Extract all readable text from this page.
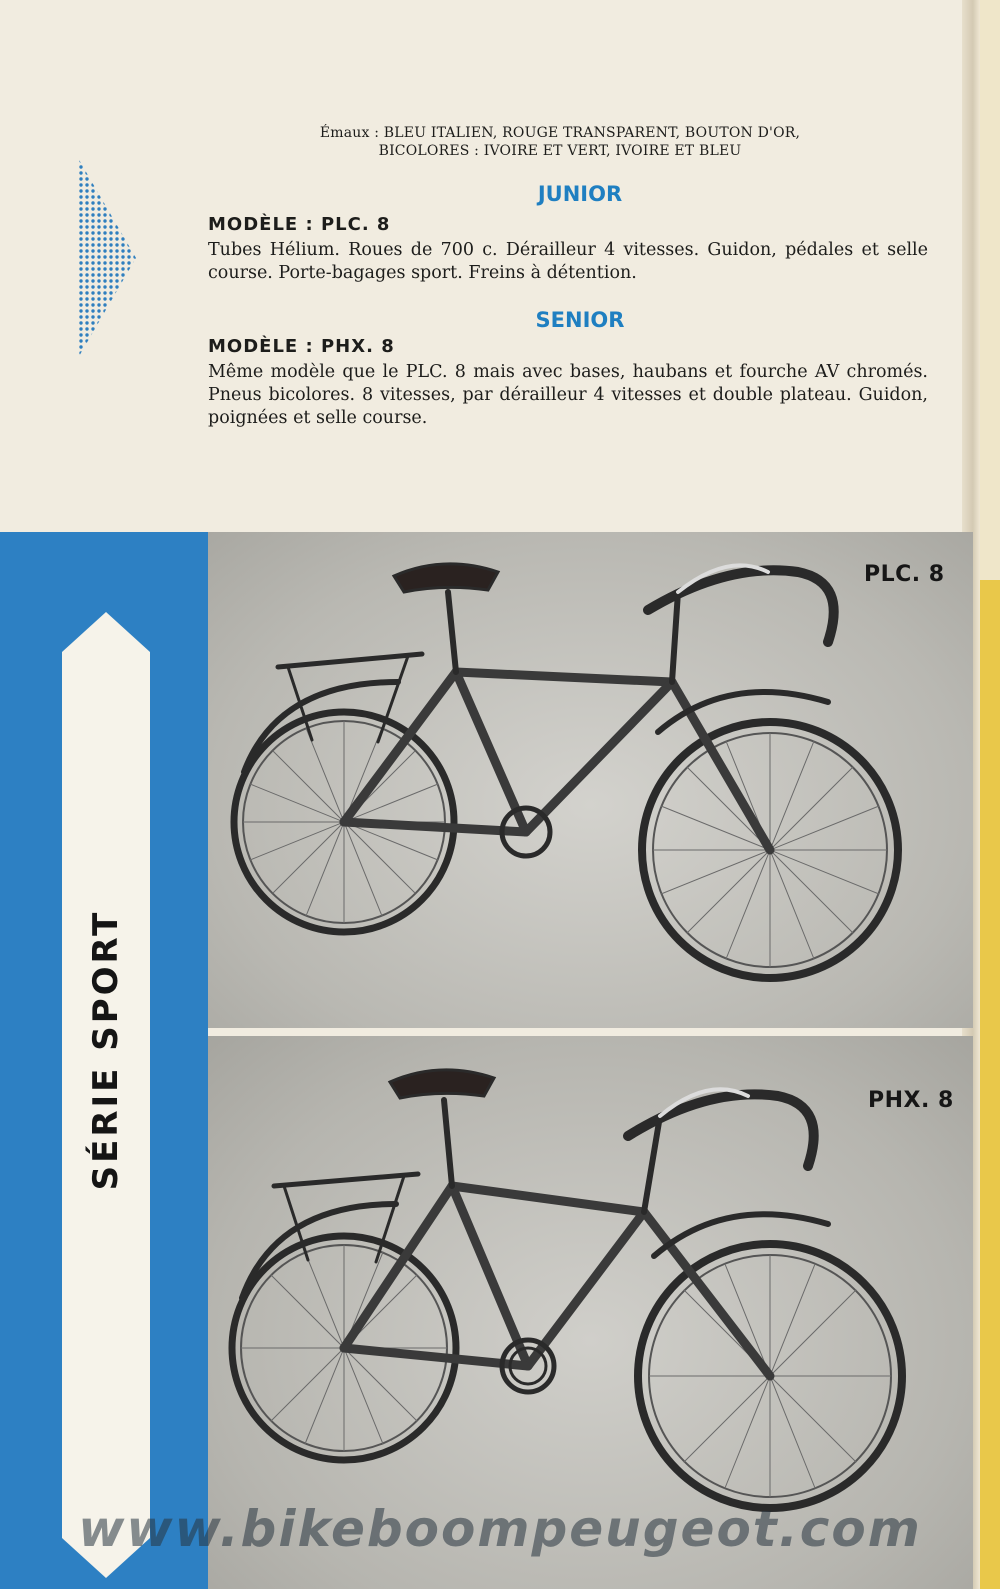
Émaux : BLEU ITALIEN, ROUGE TRANSPARENT, BOUTON D'OR,
BICOLORES : IVOIRE ET VERT, IVOIRE ET BLEU
JUNIOR
MODÈLE : PLC. 8
Tubes Hélium. Roues de 700 c. Dérailleur 4 vitesses. Guidon, pédales et selle course. Porte-bagages sport. Freins à détention.
SENIOR
MODÈLE : PHX. 8
Même modèle que le PLC. 8 mais avec bases, haubans et fourche AV chromés. Pneus bicolores. 8 vitesses, par dérailleur 4 vitesses et double plateau. Guidon, poignées et selle course.
SÉRIE SPORT
PLC. 8
PHX. 8
www.bikeboompeugeot.com
